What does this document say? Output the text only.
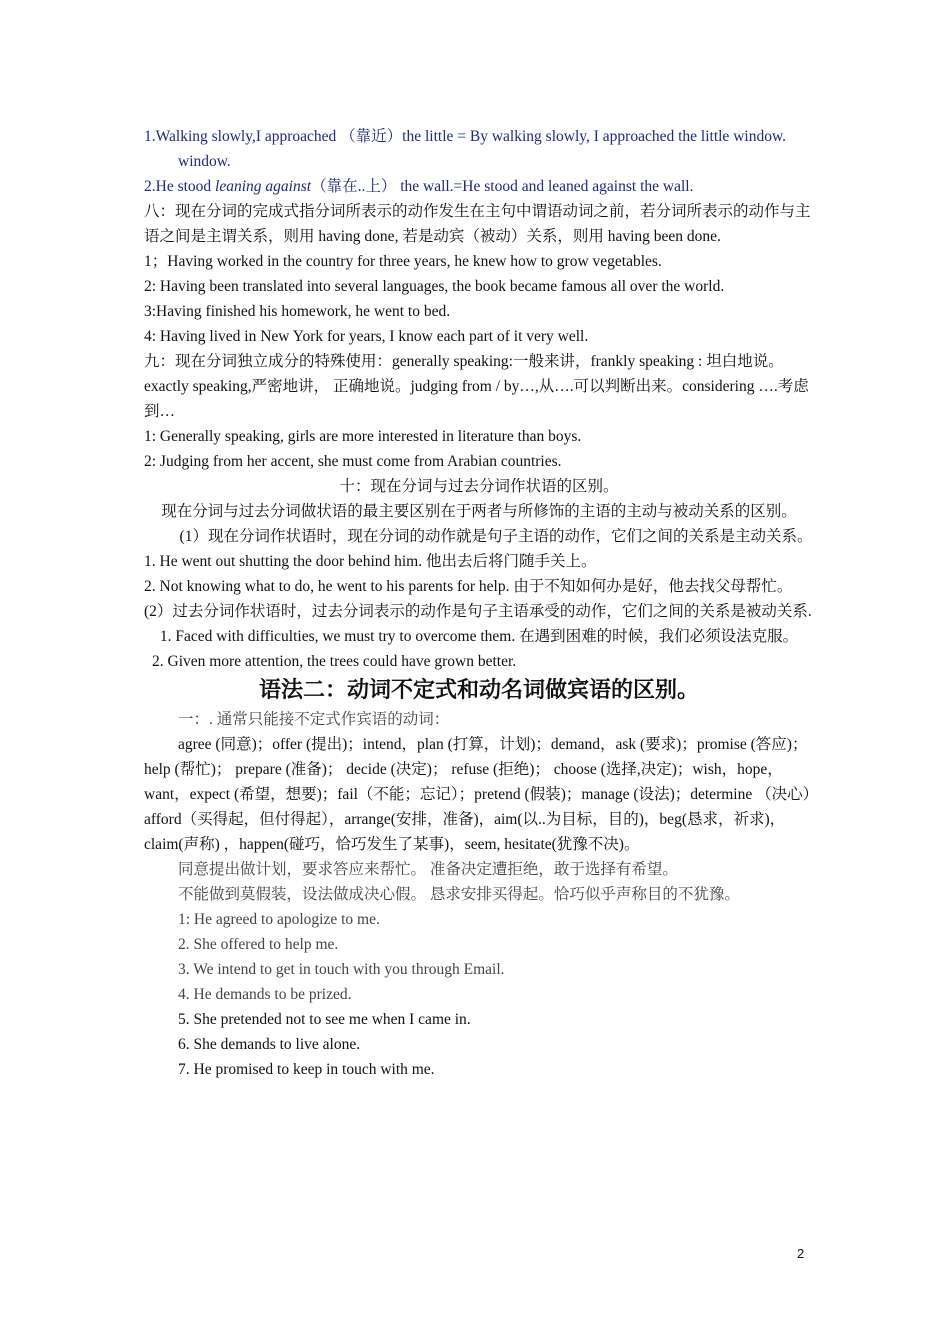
1.Walking slowly,I approached （靠近）the little = By walking slowly, I approached the little window.
window.
2.He stood leaning against（靠在..上） the wall.=He stood and leaned against the wall.
八：现在分词的完成式指分词所表示的动作发生在主句中谓语动词之前，若分词所表示的动作与主语之间是主谓关系，则用 having done, 若是动宾（被动）关系，则用 having been done.
1；Having worked in the country for three years, he knew how to grow vegetables.
2: Having been translated into several languages, the book became famous all over the world.
3:Having finished his homework, he went to bed.
4: Having lived in New York for years, I know each part of it very well.
九：现在分词独立成分的特殊使用：generally speaking:一般来讲，frankly speaking : 坦白地说。exactly speaking,严密地讲， 正确地说。judging from / by…,从….可以判断出来。considering ….考虑到…
1: Generally speaking, girls are more interested in literature than boys.
2: Judging from her accent, she must come from Arabian countries.
十：现在分词与过去分词作状语的区别。
现在分词与过去分词做状语的最主要区别在于两者与所修饰的主语的主动与被动关系的区别。
(1）现在分词作状语时，现在分词的动作就是句子主语的动作，它们之间的关系是主动关系。
1. He went out shutting the door behind him. 他出去后将门随手关上。
2. Not knowing what to do, he went to his parents for help. 由于不知如何办是好，他去找父母帮忙。
(2）过去分词作状语时，过去分词表示的动作是句子主语承受的动作，它们之间的关系是被动关系.
1. Faced with difficulties, we must try to overcome them. 在遇到困难的时候，我们必须设法克服。
2. Given more attention, the trees could have grown better.
语法二：动词不定式和动名词做宾语的区别。
一：. 通常只能接不定式作宾语的动词：
agree (同意)；offer (提出)；intend，plan (打算，计划)；demand，ask (要求)；promise (答应)； help (帮忙)； prepare (准备)； decide (决定)； refuse (拒绝)； choose (选择,决定)；wish，hope，want，expect (希望，想要)；fail（不能；忘记）；pretend (假装)；manage (设法)；determine （决心）afford（买得起，但付得起），arrange(安排，准备)，aim(以..为目标，目的)，beg(恳求，祈求)，claim(声称) ，happen(碰巧，恰巧发生了某事)，seem, hesitate(犹豫不决)。
同意提出做计划，要求答应来帮忙。 准备决定遭拒绝，敢于选择有希望。
不能做到莫假装，设法做成决心假。 恳求安排买得起。恰巧似乎声称目的不犹豫。
1: He agreed to apologize to me.
2. She offered to help me.
3. We intend to get in touch with you through Email.
4. He demands to be prized.
5. She pretended not to see me when I came in.
6. She demands to live alone.
7. He promised to keep in touch with me.
2
